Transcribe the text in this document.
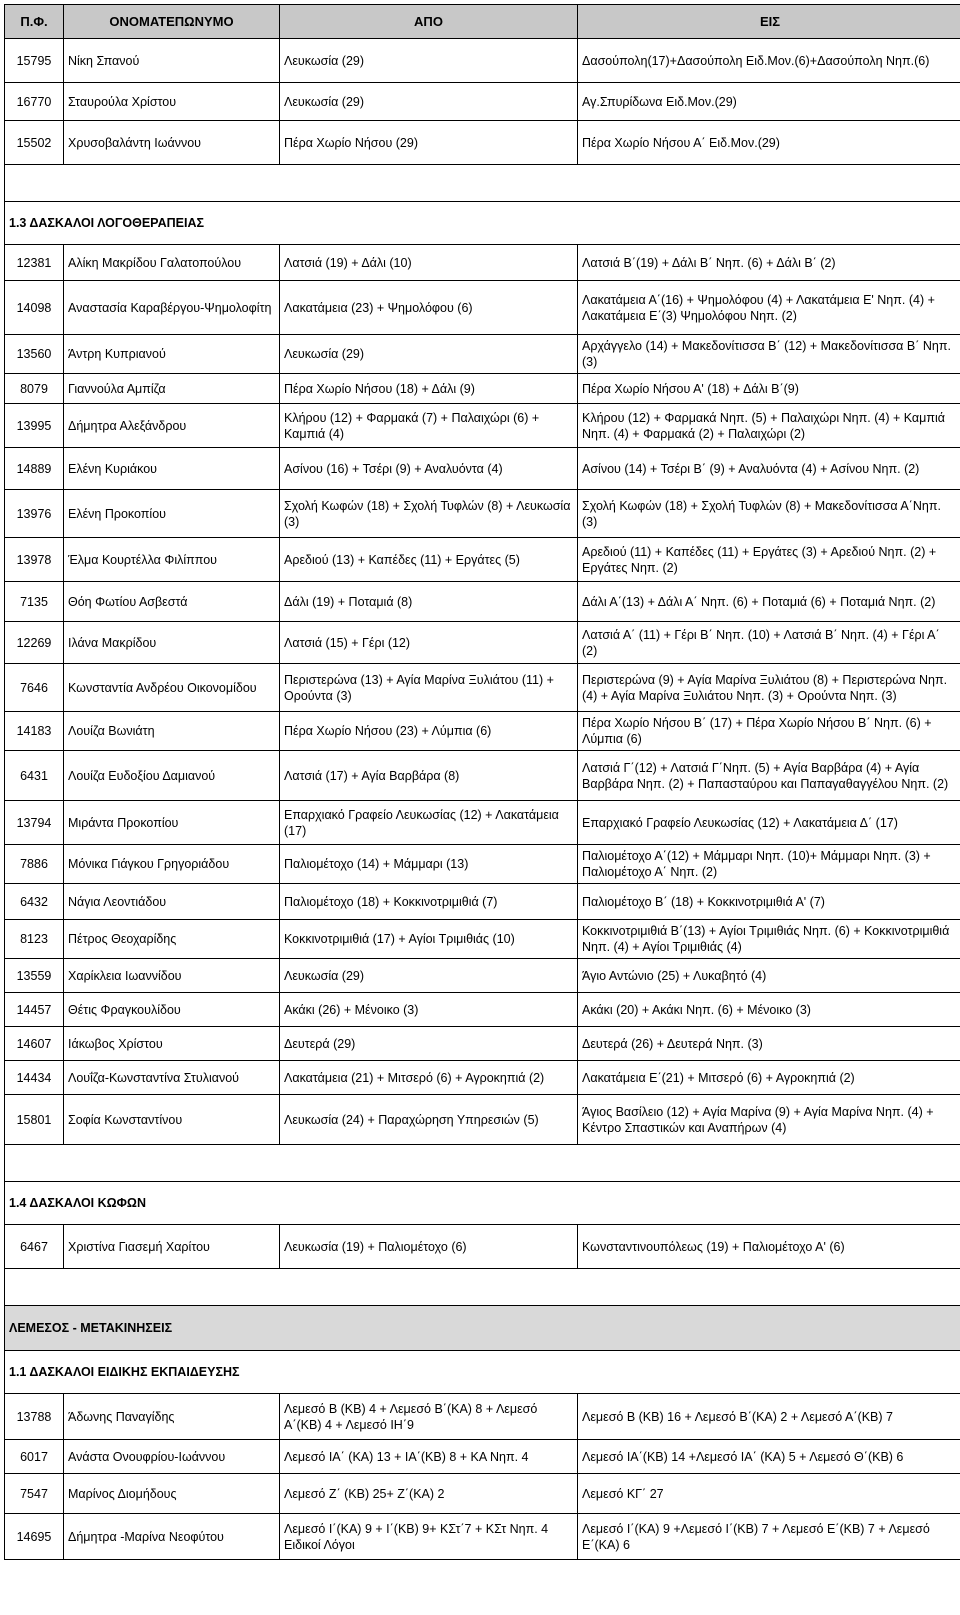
Π.Φ.	ΟΝΟΜΑΤΕΠΩΝΥΜΟ	ΑΠΟ	ΕΙΣ
15795	Νίκη Σπανού	Λευκωσία (29)	Δασούπολη(17)+Δασούπολη Ειδ.Μον.(6)+Δασούπολη Νηπ.(6)
16770	Σταυρούλα Χρίστου	Λευκωσία (29)	Αγ.Σπυρίδωνα Ειδ.Μον.(29)
15502	Χρυσοβαλάντη Ιωάννου	Πέρα Χωρίο Νήσου (29)	Πέρα Χωρίο Νήσου Α΄ Ειδ.Μον.(29)

1.3 ΔΑΣΚΑΛΟΙ ΛΟΓΟΘΕΡΑΠΕΙΑΣ			
12381	Αλίκη Μακρίδου Γαλατοπούλου	Λατσιά (19) + Δάλι (10)	Λατσιά Β΄(19) + Δάλι Β΄ Νηπ. (6) + Δάλι Β΄ (2)
14098	Αναστασία Καραβέργου-Ψημολοφίτη	Λακατάμεια (23) + Ψημολόφου (6)	Λακατάμεια Α΄(16) + Ψημολόφου (4) + Λακατάμεια Ε' Νηπ. (4) + Λακατάμεια Ε΄(3) Ψημολόφου Νηπ. (2)
13560	Άντρη Κυπριανού	Λευκωσία (29)	Αρχάγγελο (14) + Μακεδονίτισσα Β΄ (12) + Μακεδονίτισσα Β΄ Νηπ. (3)
8079	Γιαννούλα Αμπίζα	Πέρα Χωρίο Νήσου (18) + Δάλι (9)	Πέρα Χωρίο Νήσου Α' (18) + Δάλι Β΄(9)
13995	Δήμητρα Αλεξάνδρου	Κλήρου (12) + Φαρμακά (7) + Παλαιχώρι (6) + Καμπιά (4)	Κλήρου (12) + Φαρμακά Νηπ. (5) + Παλαιχώρι Νηπ. (4) + Καμπιά Νηπ. (4) + Φαρμακά (2) + Παλαιχώρι (2)
14889	Ελένη Κυριάκου	Ασίνου (16) + Τσέρι (9) + Αναλυόντα (4)	Ασίνου (14) + Τσέρι Β΄ (9) + Αναλυόντα (4) + Ασίνου Νηπ. (2)
13976	Ελένη Προκοπίου	Σχολή Κωφών (18) + Σχολή Τυφλών (8) + Λευκωσία (3)	Σχολή Κωφών (18) + Σχολή Τυφλών (8) + Μακεδονίτισσα Α΄Νηπ. (3)
13978	Έλμα Κουρτέλλα Φιλίππου	Αρεδιού (13) + Καπέδες (11) + Εργάτες (5)	Αρεδιού (11) + Καπέδες (11) + Εργάτες (3) + Αρεδιού Νηπ. (2) + Εργάτες Νηπ. (2)
7135	Θόη Φωτίου Ασβεστά	Δάλι (19) + Ποταμιά (8)	Δάλι Α΄(13) + Δάλι Α΄ Νηπ. (6) + Ποταμιά (6) + Ποταμιά Νηπ. (2)
12269	Ιλάνα Μακρίδου	Λατσιά (15) + Γέρι (12)	Λατσιά Α΄ (11) + Γέρι Β΄ Νηπ. (10) + Λατσιά Β΄ Νηπ. (4) + Γέρι Α΄ (2)
7646	Κωνσταντία Ανδρέου Οικονομίδου	Περιστερώνα (13) + Αγία Μαρίνα Ξυλιάτου (11) + Ορούντα (3)	Περιστερώνα (9) + Αγία Μαρίνα Ξυλιάτου (8) + Περιστερώνα Νηπ. (4) + Αγία Μαρίνα Ξυλιάτου Νηπ. (3) + Ορούντα Νηπ. (3)
14183	Λουίζα Βωνιάτη	Πέρα Χωρίο Νήσου (23) + Λύμπια (6)	Πέρα Χωρίο Νήσου Β΄ (17) + Πέρα Χωρίο Νήσου Β΄ Νηπ. (6) + Λύμπια (6)
6431	Λουίζα Ευδοξίου Δαμιανού	Λατσιά (17) + Αγία Βαρβάρα (8)	Λατσιά Γ΄(12) + Λατσιά Γ΄Νηπ. (5) + Αγία Βαρβάρα (4) + Αγία Βαρβάρα Νηπ. (2) + Παπασταύρου και Παπαγαθαγγέλου Νηπ. (2)
13794	Μιράντα Προκοπίου	Επαρχιακό Γραφείο Λευκωσίας (12) + Λακατάμεια (17)	Επαρχιακό Γραφείο Λευκωσίας (12) + Λακατάμεια Δ΄ (17)
7886	Μόνικα Γιάγκου Γρηγοριάδου	Παλιομέτοχο (14) + Μάμμαρι (13)	Παλιομέτοχο Α΄(12) + Μάμμαρι Νηπ. (10)+ Μάμμαρι Νηπ. (3) + Παλιομέτοχο Α΄ Νηπ. (2)
6432	Νάγια Λεοντιάδου	Παλιομέτοχο (18) + Κοκκινοτριμιθιά (7)	Παλιομέτοχο Β΄ (18) + Κοκκινοτριμιθιά Α' (7)
8123	Πέτρος Θεοχαρίδης	Κοκκινοτριμιθιά (17) + Αγίοι Τριμιθιάς (10)	Κοκκινοτριμιθιά Β΄(13) + Αγίοι Τριμιθιάς Νηπ. (6) + Κοκκινοτριμιθιά Νηπ. (4) + Αγίοι Τριμιθιάς (4)
13559	Χαρίκλεια Ιωαννίδου	Λευκωσία (29)	Άγιο Αντώνιο (25) + Λυκαβητό (4)
14457	Θέτις Φραγκουλίδου	Ακάκι (26) + Μένοικο (3)	Ακάκι (20) + Ακάκι Νηπ. (6) + Μένοικο (3)
14607	Ιάκωβος Χρίστου	Δευτερά (29)	Δευτερά (26) + Δευτερά Νηπ. (3)
14434	Λουΐζα-Κωνσταντίνα Στυλιανού	Λακατάμεια (21) + Μιτσερό (6) + Αγροκηπιά (2)	Λακατάμεια Ε΄(21) + Μιτσερό (6) + Αγροκηπιά (2)
15801	Σοφία Κωνσταντίνου	Λευκωσία (24) + Παραχώρηση Υπηρεσιών (5)	Άγιος Βασίλειο (12) + Αγία Μαρίνα (9) + Αγία Μαρίνα Νηπ. (4) + Κέντρο Σπαστικών και Αναπήρων (4)

1.4 ΔΑΣΚΑΛΟΙ ΚΩΦΩΝ			
6467	Χριστίνα Γιασεμή Χαρίτου	Λευκωσία (19) + Παλιομέτοχο (6)	Κωνσταντινουπόλεως (19) + Παλιομέτοχο Α' (6)

ΛΕΜΕΣΟΣ - ΜΕΤΑΚΙΝΗΣΕΙΣ			
1.1 ΔΑΣΚΑΛΟΙ ΕΙΔΙΚΗΣ ΕΚΠΑΙΔΕΥΣΗΣ			
13788	Άδωνης Παναγίδης	Λεμεσό Β (ΚΒ) 4 + Λεμεσό Β΄(ΚΑ) 8 + Λεμεσό Α΄(ΚΒ) 4 + Λεμεσό ΙΗ΄9	Λεμεσό Β (ΚΒ) 16 + Λεμεσό Β΄(ΚΑ) 2 + Λεμεσό Α΄(ΚΒ) 7
6017	Ανάστα Ονουφρίου-Ιωάννου	Λεμεσό ΙΑ΄ (ΚΑ) 13 + ΙΑ΄(ΚΒ) 8 + ΚΑ Νηπ. 4	Λεμεσό ΙΑ΄(ΚΒ) 14 +Λεμεσό ΙΑ΄ (ΚΑ) 5 + Λεμεσό Θ΄(ΚΒ) 6
7547	Μαρίνος Διομήδους	Λεμεσό Ζ΄ (ΚΒ) 25+ Ζ΄(ΚΑ) 2	Λεμεσό ΚΓ΄ 27
14695	Δήμητρα -Μαρίνα Νεοφύτου	Λεμεσό Ι΄(ΚΑ) 9 + Ι΄(ΚΒ) 9+ ΚΣτ΄7 + ΚΣτ Νηπ. 4 Ειδικοί Λόγοι	Λεμεσό Ι΄(ΚΑ) 9 +Λεμεσό Ι΄(ΚΒ) 7 + Λεμεσό Ε΄(ΚΒ) 7 + Λεμεσό Ε΄(ΚΑ) 6
